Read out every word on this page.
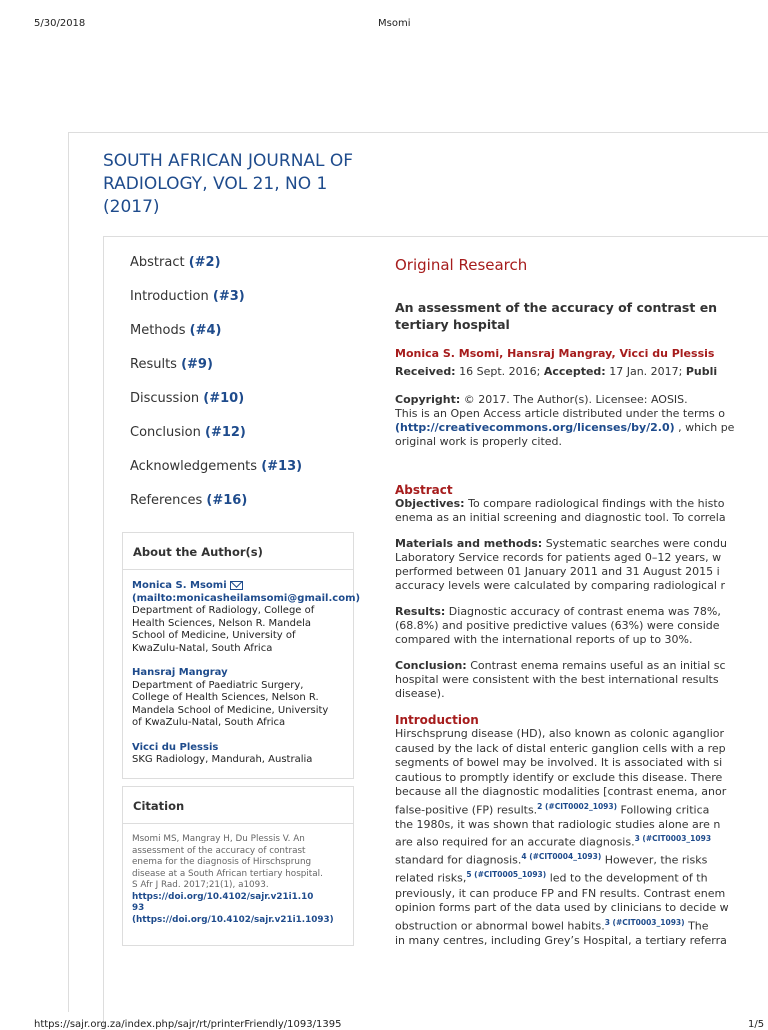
5/30/2018	Msomi
SOUTH AFRICAN JOURNAL OF RADIOLOGY, VOL 21, NO 1 (2017)
Abstract (#2)
Introduction (#3)
Methods (#4)
Results (#9)
Discussion (#10)
Conclusion (#12)
Acknowledgements (#13)
References (#16)
About the Author(s)
Monica S. Msomi
(mailto:monicasheilamsomi@gmail.com)
Department of Radiology, College of
Health Sciences, Nelson R. Mandela
School of Medicine, University of
KwaZulu-Natal, South Africa
Hansraj Mangray
Department of Paediatric Surgery,
College of Health Sciences, Nelson R.
Mandela School of Medicine, University
of KwaZulu-Natal, South Africa
Vicci du Plessis
SKG Radiology, Mandurah, Australia
Citation
Msomi MS, Mangray H, Du Plessis V. An
assessment of the accuracy of contrast
enema for the diagnosis of Hirschsprung
disease at a South African tertiary hospital.
S Afr J Rad. 2017;21(1), a1093.
https://doi.org/10.4102/sajr.v21i1.10
93
(https://doi.org/10.4102/sajr.v21i1.1093)
Original Research
An assessment of the accuracy of contrast en
tertiary hospital
Monica S. Msomi, Hansraj Mangray, Vicci du Plessis
Received: 16 Sept. 2016; Accepted: 17 Jan. 2017; Publi
Copyright: © 2017. The Author(s). Licensee: AOSIS.
This is an Open Access article distributed under the terms o
(http://creativecommons.org/licenses/by/2.0) , which pe
original work is properly cited.
Abstract
Objectives: To compare radiological findings with the histo
enema as an initial screening and diagnostic tool. To correla
Materials and methods: Systematic searches were condu
Laboratory Service records for patients aged 0–12 years, w
performed between 01 January 2011 and 31 August 2015 i
accuracy levels were calculated by comparing radiological r
Results: Diagnostic accuracy of contrast enema was 78%,
(68.8%) and positive predictive values (63%) were conside
compared with the international reports of up to 30%.
Conclusion: Contrast enema remains useful as an initial sc
hospital were consistent with the best international results
disease).
Introduction
Hirschsprung disease (HD), also known as colonic aganglior
caused by the lack of distal enteric ganglion cells with a rep
segments of bowel may be involved. It is associated with si
cautious to promptly identify or exclude this disease. There
because all the diagnostic modalities [contrast enema, anor
false-positive (FP) results.$^{2 (\#CIT0002\_1093)}$ Following critica
the 1980s, it was shown that radiologic studies alone are n
are also required for an accurate diagnosis.$^{3 (\#CIT0003\_1093}$
standard for diagnosis.$^{4 (\#CIT0004\_1093)}$ However, the risks
related risks,$^{5 (\#CIT0005\_1093)}$ led to the development of th
previously, it can produce FP and FN results. Contrast enem
opinion forms part of the data used by clinicians to decide w
obstruction or abnormal bowel habits.$^{3 (\#CIT0003\_1093)}$ The
in many centres, including Grey’s Hospital, a tertiary referra
https://sajr.org.za/index.php/sajr/rt/printerFriendly/1093/1395	1/5
